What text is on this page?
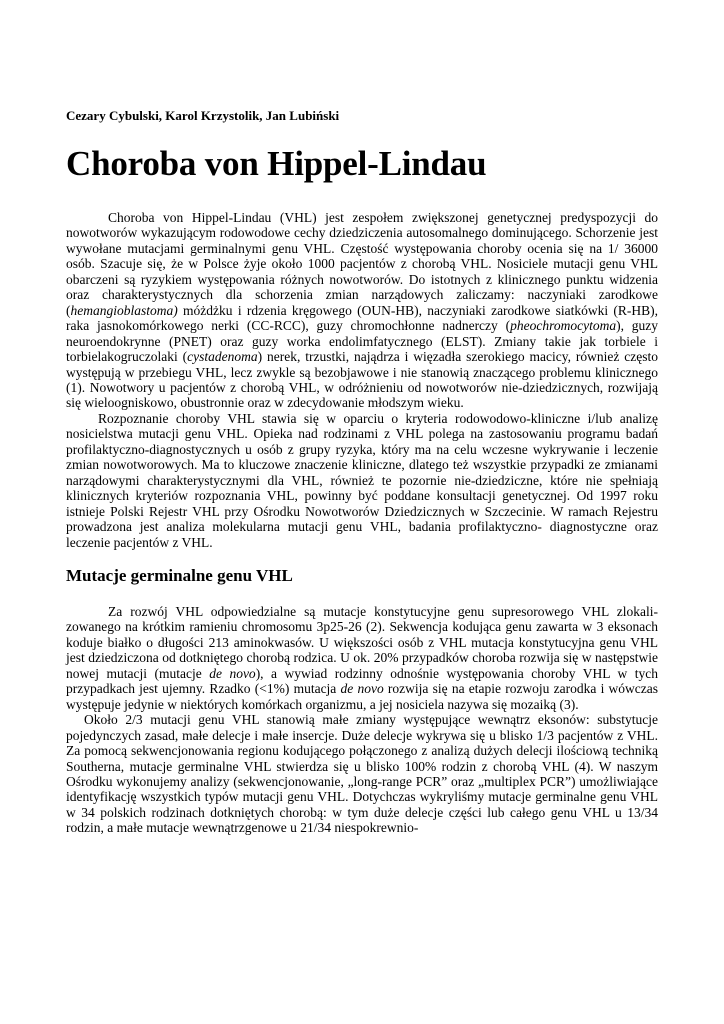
Cezary Cybulski, Karol Krzystolik, Jan Lubiński
Choroba von Hippel-Lindau

Choroba von Hippel-Lindau (VHL) jest zespołem zwiększonej genetycznej predyspozycji do nowotworów wykazującym rodowodowe cechy dziedziczenia autosomalnego dominującego. Schorzenie jest wywołane mutacjami germinalnymi genu VHL. Częstość występowania choroby ocenia się na 1/ 36000 osób. Szacuje się, że w Polsce żyje około 1000 pacjentów z chorobą VHL. Nosiciele mutacji genu VHL obarczeni są ryzykiem występowania różnych nowotworów. Do istotnych z klinicznego punktu widzenia oraz charakterystycznych dla schorzenia zmian narządowych zaliczamy: naczyniaki zarodkowe (hemangioblastoma) móżdżku i rdzenia kręgowego (OUN-HB), naczyniaki zarodkowe siatkówki (R-HB), raka jasnokomórkowego nerki (CC-RCC), guzy chromochłonne nadnerczy (pheochromocytoma), guzy neuroendokrynne (PNET) oraz guzy worka endolimfatycznego (ELST). Zmiany takie jak torbiele i torbielakogruczolaki (cystadenoma) nerek, trzustki, najądrza i więzadła szerokiego macicy, również często występują w przebiegu VHL, lecz zwykle są bezobjawowe i nie stanowią znaczącego problemu klinicznego (1). Nowotwory u pacjentów z chorobą VHL, w odróżnieniu od nowotworów nie-dziedzicznych, rozwijają się wieloogniskowo, obustronnie oraz w zdecydowanie młodszym wieku.

Rozpoznanie choroby VHL stawia się w oparciu o kryteria rodowodowo-kliniczne i/lub analizę nosicielstwa mutacji genu VHL. Opieka nad rodzinami z VHL polega na zastosowaniu programu badań profilaktyczno-diagnostycznych u osób z grupy ryzyka, który ma na celu wczesne wykrywanie i leczenie zmian nowotworowych. Ma to kluczowe znaczenie kliniczne, dlatego też wszystkie przypadki ze zmianami narządowymi charakterystycznymi dla VHL, również te pozornie nie-dziedziczne, które nie spełniają klinicznych kryteriów rozpoznania VHL, powinny być poddane konsultacji genetycznej. Od 1997 roku istnieje Polski Rejestr VHL przy Ośrodku Nowotworów Dziedzicznych w Szczecinie. W ramach Rejestru prowadzona jest analiza molekularna mutacji genu VHL, badania profilaktyczno- diagnostyczne oraz leczenie pacjentów z VHL.

Mutacje germinalne genu VHL

Za rozwój VHL odpowiedzialne są mutacje konstytucyjne genu supresorowego VHL zlokalizowanego na krótkim ramieniu chromosomu 3p25-26 (2). Sekwencja kodująca genu zawarta w 3 eksonach koduje białko o długości 213 aminokwasów. U większości osób z VHL mutacja konstytucyjna genu VHL jest dziedziczona od dotkniętego chorobą rodzica. U ok. 20% przypadków choroba rozwija się w następstwie nowej mutacji (mutacje de novo), a wywiad rodzinny odnośnie występowania choroby VHL w tych przypadkach jest ujemny. Rzadko (<1%) mutacja de novo rozwija się na etapie rozwoju zarodka i wówczas występuje jedynie w niektórych komórkach organizmu, a jej nosiciela nazywa się mozaiką (3).

Około 2/3 mutacji genu VHL stanowią małe zmiany występujące wewnątrz eksonów: substytucje pojedynczych zasad, małe delecje i małe insercje. Duże delecje wykrywa się u blisko 1/3 pacjentów z VHL. Za pomocą sekwencjonowania regionu kodującego połączonego z analizą dużych delecji ilościową techniką Southerna, mutacje germinalne VHL stwierdza się u blisko 100% rodzin z chorobą VHL (4). W naszym Ośrodku wykonujemy analizy (sekwencjonowanie, „long-range PCR” oraz „multiplex PCR”) umożliwiające identyfikację wszystkich typów mutacji genu VHL. Dotychczas wykryliśmy mutacje germinalne genu VHL w 34 polskich rodzinach dotkniętych chorobą: w tym duże delecje części lub całego genu VHL u 13/34 rodzin, a małe mutacje wewnątrzgenowe u 21/34 niespokrewnio-
